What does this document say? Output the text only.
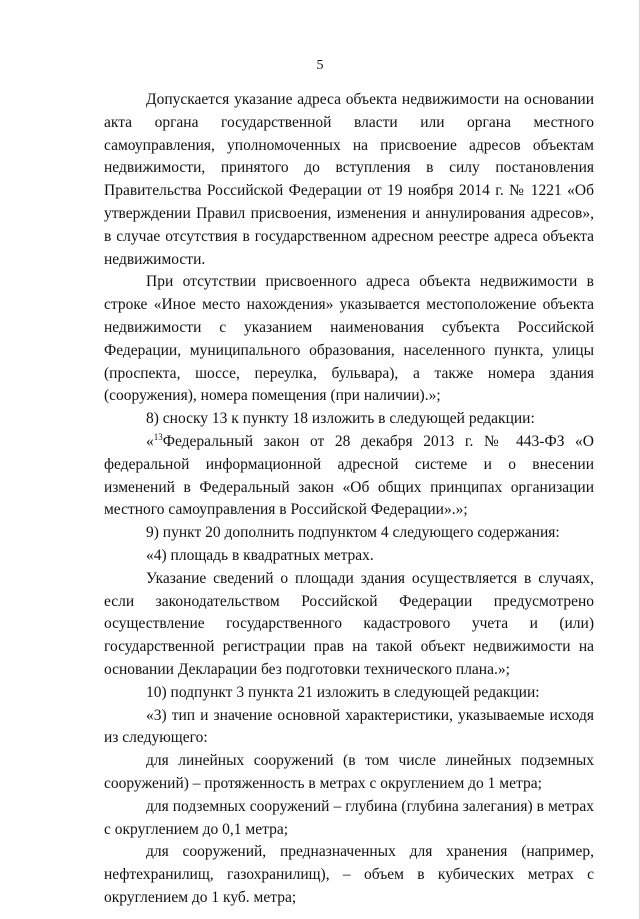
5

Допускается указание адреса объекта недвижимости на основании акта органа государственной власти или органа местного самоуправления, уполномоченных на присвоение адресов объектам недвижимости, принятого до вступления в силу постановления Правительства Российской Федерации от 19 ноября 2014 г. № 1221 «Об утверждении Правил присвоения, изменения и аннулирования адресов», в случае отсутствия в государственном адресном реестре адреса объекта недвижимости.

При отсутствии присвоенного адреса объекта недвижимости в строке «Иное место нахождения» указывается местоположение объекта недвижимости с указанием наименования субъекта Российской Федерации, муниципального образования, населенного пункта, улицы (проспекта, шоссе, переулка, бульвара), а также номера здания (сооружения), номера помещения (при наличии).»;

8) сноску 13 к пункту 18 изложить в следующей редакции:

«$^{13}$Федеральный закон от 28 декабря 2013 г. № 443-ФЗ «О федеральной информационной адресной системе и о внесении изменений в Федеральный закон «Об общих принципах организации местного самоуправления в Российской Федерации».»;

9) пункт 20 дополнить подпунктом 4 следующего содержания:

«4) площадь в квадратных метрах.

Указание сведений о площади здания осуществляется в случаях, если законодательством Российской Федерации предусмотрено осуществление государственного кадастрового учета и (или) государственной регистрации прав на такой объект недвижимости на основании Декларации без подготовки технического плана.»;

10) подпункт 3 пункта 21 изложить в следующей редакции:

«3) тип и значение основной характеристики, указываемые исходя из следующего:

для линейных сооружений (в том числе линейных подземных сооружений) – протяженность в метрах с округлением до 1 метра;

для подземных сооружений – глубина (глубина залегания) в метрах с округлением до 0,1 метра;

для сооружений, предназначенных для хранения (например, нефтехранилищ, газохранилищ), – объем в кубических метрах с округлением до 1 куб. метра;
